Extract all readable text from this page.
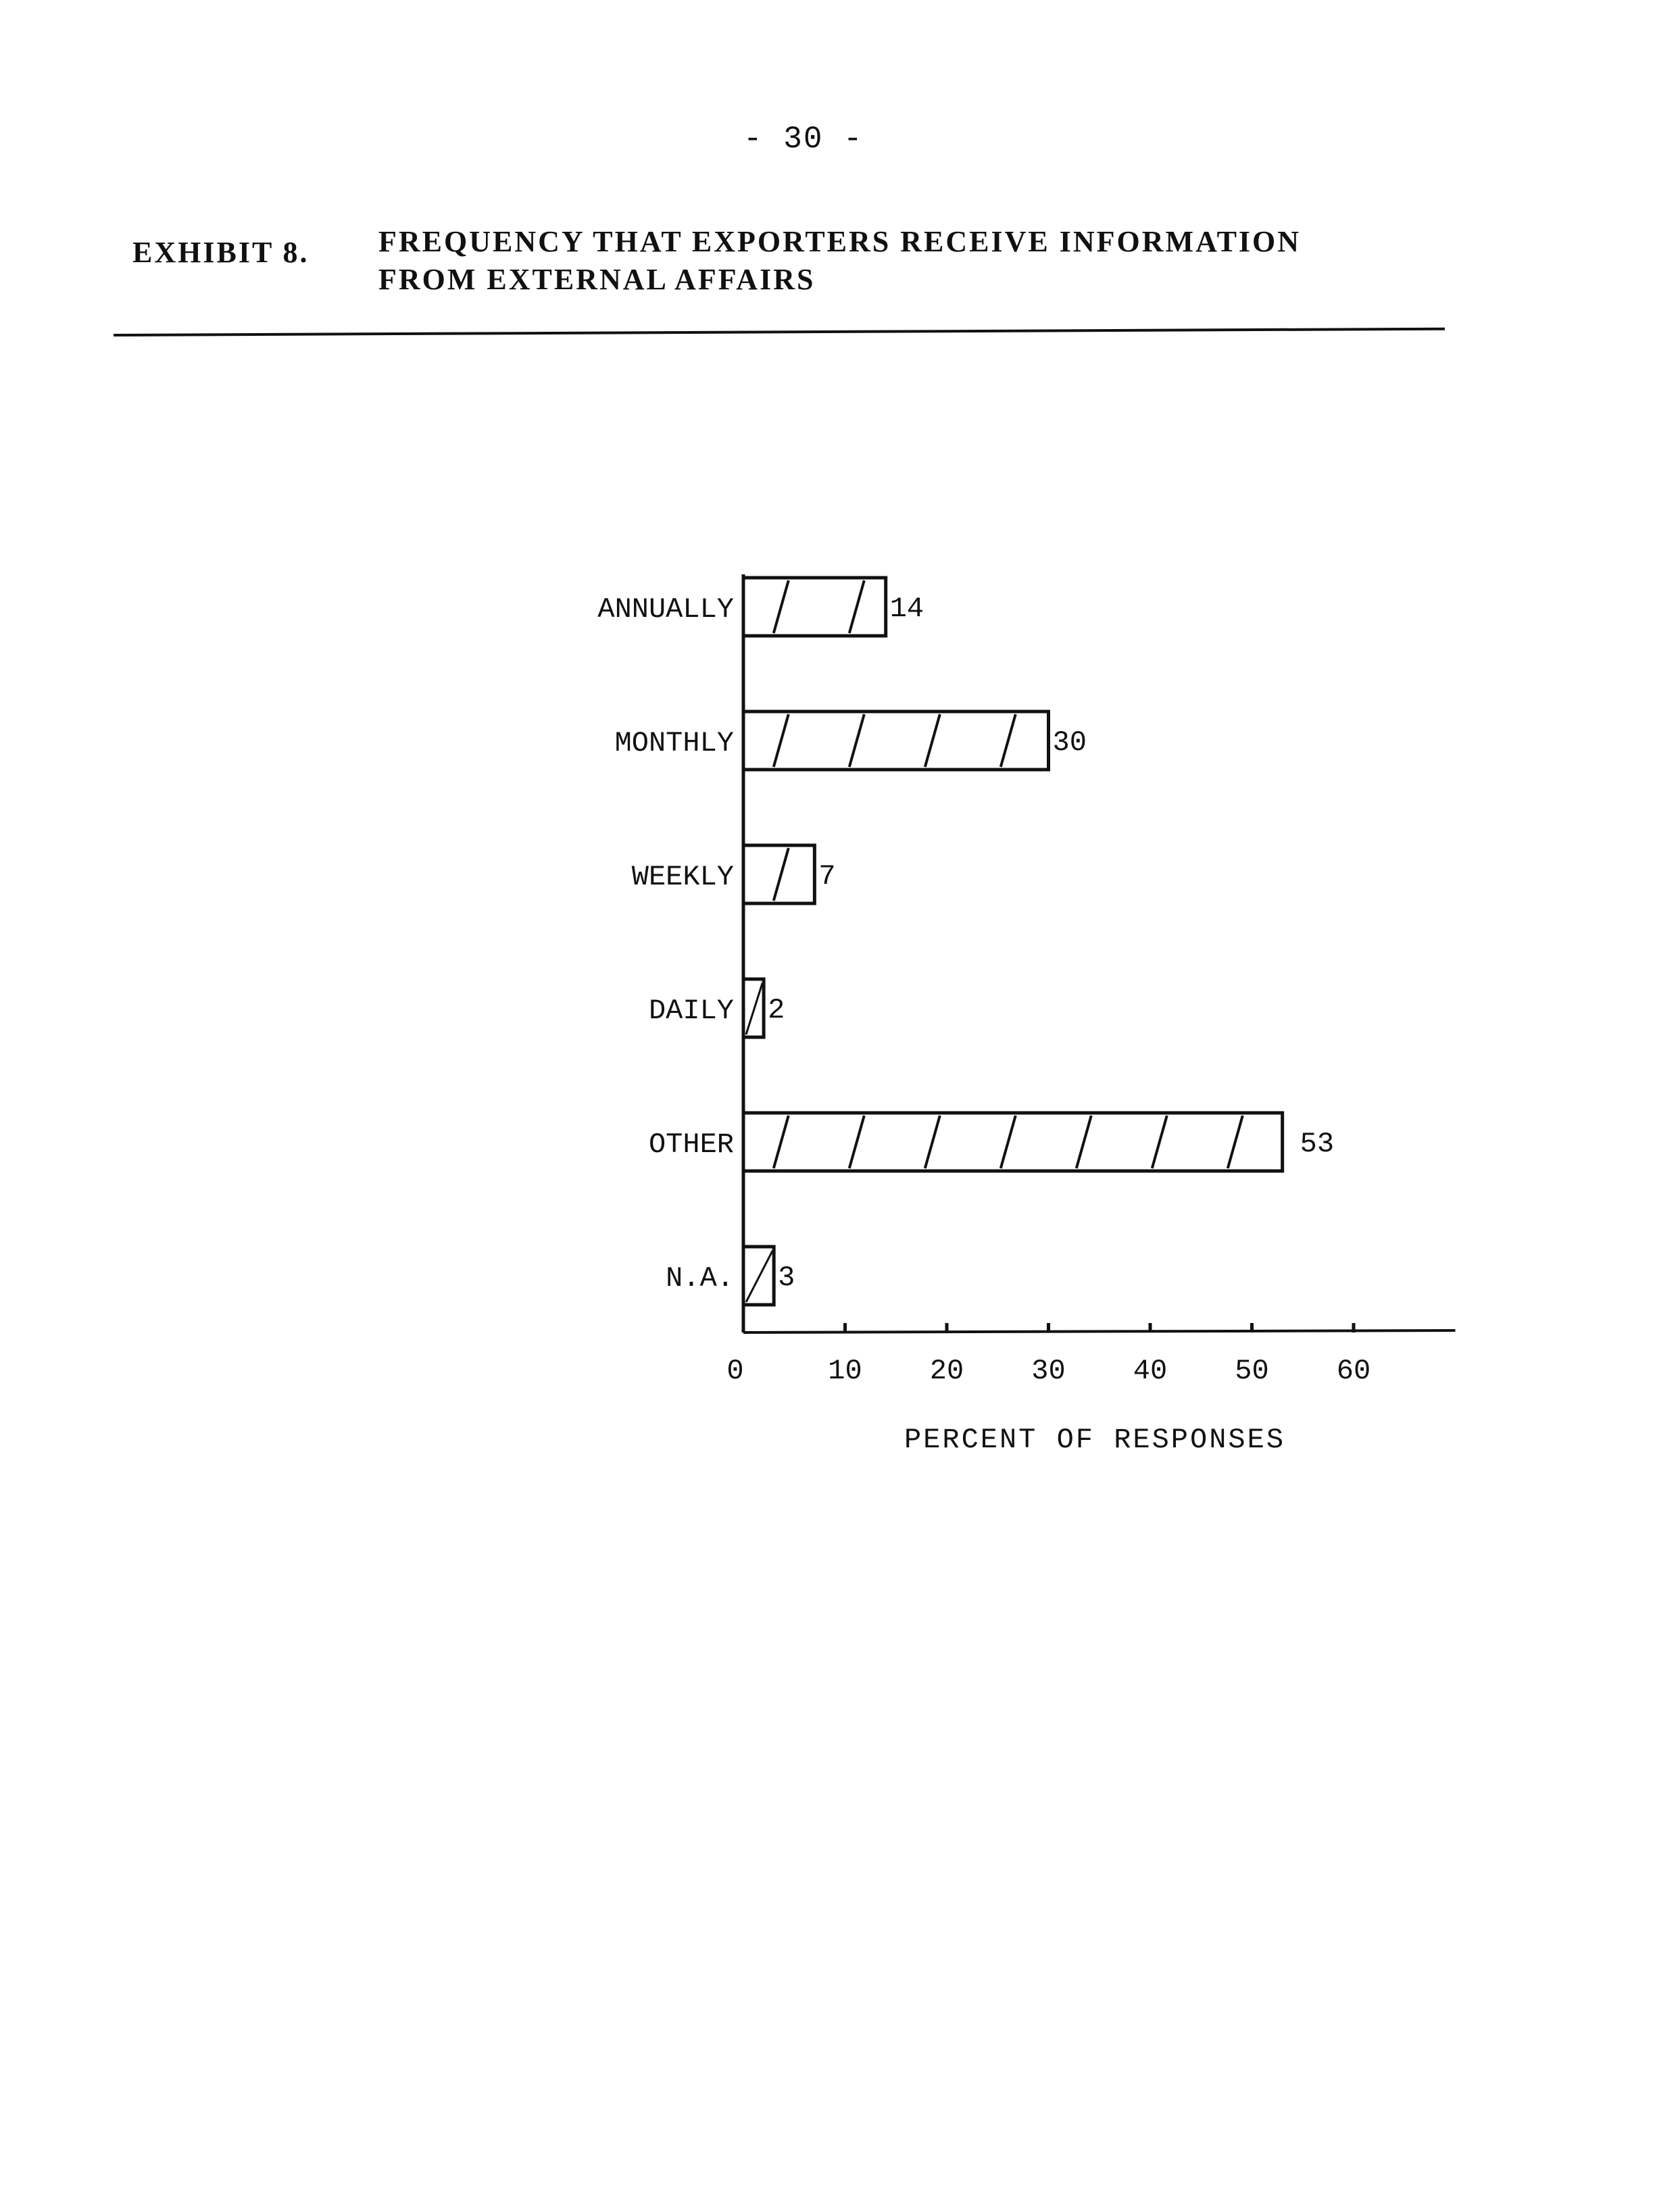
- 30 -
EXHIBIT 8. FREQUENCY THAT EXPORTERS RECEIVE INFORMATION
FROM EXTERNAL AFFAIRS
0	10 20 30 40 50 60
PERCENT OF RESPONSES
ANNUALLY	14
MONTHLY	30
WEEKLY	7
DAILY 2
OTHER	53
N.A. 3
